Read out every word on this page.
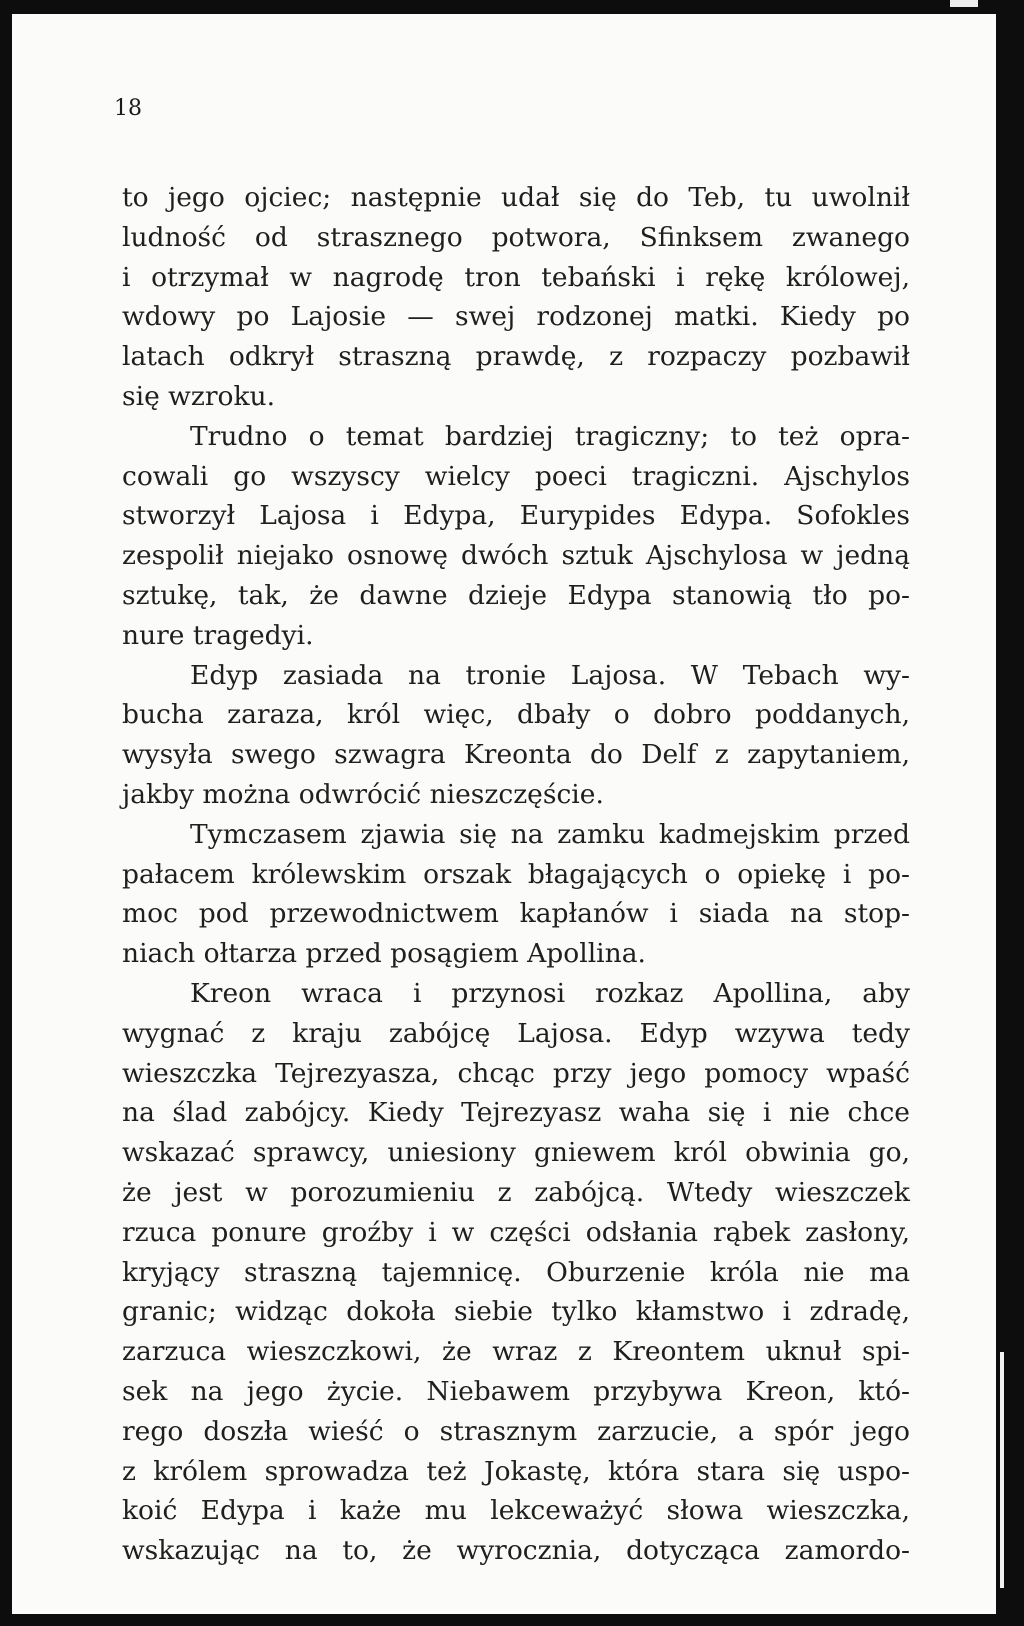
18

to jego ojciec; następnie udał się do Teb, tu uwolnił
ludność od strasznego potwora, Sfinksem zwanego
i otrzymał w nagrodę tron tebański i rękę królowej,
wdowy po Lajosie — swej rodzonej matki. Kiedy po
latach odkrył straszną prawdę, z rozpaczy pozbawił
się wzroku.
Trudno o temat bardziej tragiczny; to też opra-
cowali go wszyscy wielcy poeci tragiczni. Ajschylos
stworzył Lajosa i Edypa, Eurypides Edypa. Sofokles
zespolił niejako osnowę dwóch sztuk Ajschylosa w jedną
sztukę, tak, że dawne dzieje Edypa stanowią tło po-
nure tragedyi.
Edyp zasiada na tronie Lajosa. W Tebach wy-
bucha zaraza, król więc, dbały o dobro poddanych,
wysyła swego szwagra Kreonta do Delf z zapytaniem,
jakby można odwrócić nieszczęście.
Tymczasem zjawia się na zamku kadmejskim przed
pałacem królewskim orszak błagających o opiekę i po-
moc pod przewodnictwem kapłanów i siada na stop-
niach ołtarza przed posągiem Apollina.
Kreon wraca i przynosi rozkaz Apollina, aby
wygnać z kraju zabójcę Lajosa. Edyp wzywa tedy
wieszczka Tejrezyasza, chcąc przy jego pomocy wpaść
na ślad zabójcy. Kiedy Tejrezyasz waha się i nie chce
wskazać sprawcy, uniesiony gniewem król obwinia go,
że jest w porozumieniu z zabójcą. Wtedy wieszczek
rzuca ponure groźby i w części odsłania rąbek zasłony,
kryjący straszną tajemnicę. Oburzenie króla nie ma
granic; widząc dokoła siebie tylko kłamstwo i zdradę,
zarzuca wieszczkowi, że wraz z Kreontem uknuł spi-
sek na jego życie. Niebawem przybywa Kreon, któ-
rego doszła wieść o strasznym zarzucie, a spór jego
z królem sprowadza też Jokastę, która stara się uspo-
koić Edypa i każe mu lekceważyć słowa wieszczka,
wskazując na to, że wyrocznia, dotycząca zamordo-
